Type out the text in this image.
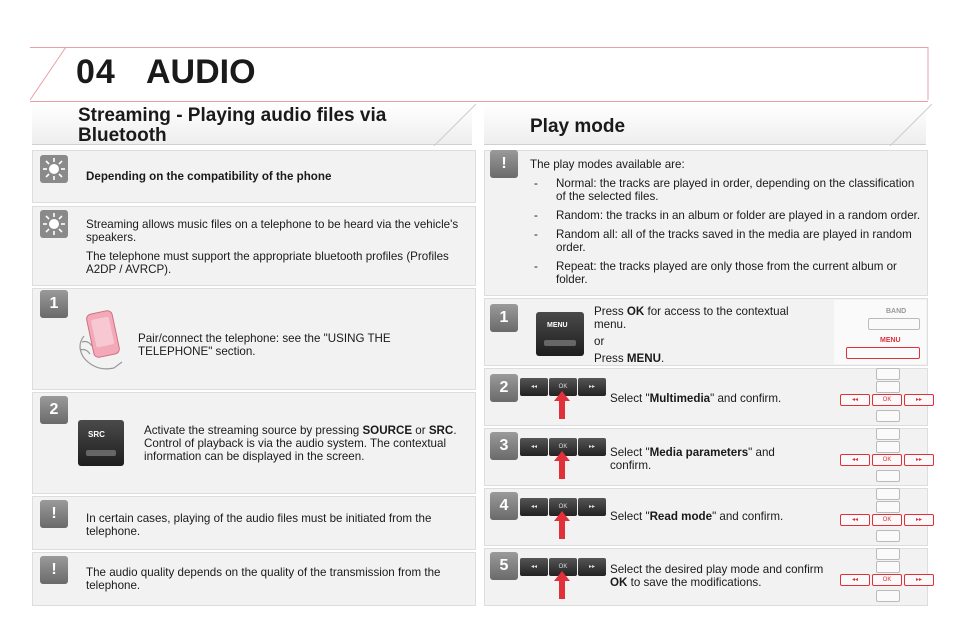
04 AUDIO
Streaming - Playing audio files via
Bluetooth	Play mode
Depending on the compatibility of the phone

Streaming allows music files on a telephone to be heard via the vehicle's speakers.

The telephone must support the appropriate bluetooth profiles (Profiles A2DP / AVRCP).

1
Pair/connect the telephone: see the "USING THE TELEPHONE" section.
2
SRC	Activate the streaming source by pressing SOURCE or SRC. Control of playback is via the audio system. The contextual information can be displayed in the screen.
!	In certain cases, playing of the audio files must be initiated from the telephone.
!	The audio quality depends on the quality of the transmission from the telephone.
!	The play modes available are:

- Normal: the tracks are played in order, depending on the classification of the selected files.
- Random: the tracks in an album or folder are played in a random order.
- Random all: all of the tracks saved in the media are played in random order.
- Repeat: the tracks played are only those from the current album or folder.
1	MENU

Press OK for access to the contextual menu.

or

Press MENU.

BAND
MENU
2
Select "Multimedia" and confirm.
3	Select "Media parameters" and confirm.
4
Select "Read mode" and confirm.
5	Select the desired play mode and confirm OK to save the modifications.
◂◂	OK	▸▸
◂◂	OK	▸▸
◂◂	OK	▸▸
◂◂	OK	▸▸
◂◂	OK	▸▸
◂◂	OK	▸▸
◂◂	OK	▸▸
◂◂	OK	▸▸
